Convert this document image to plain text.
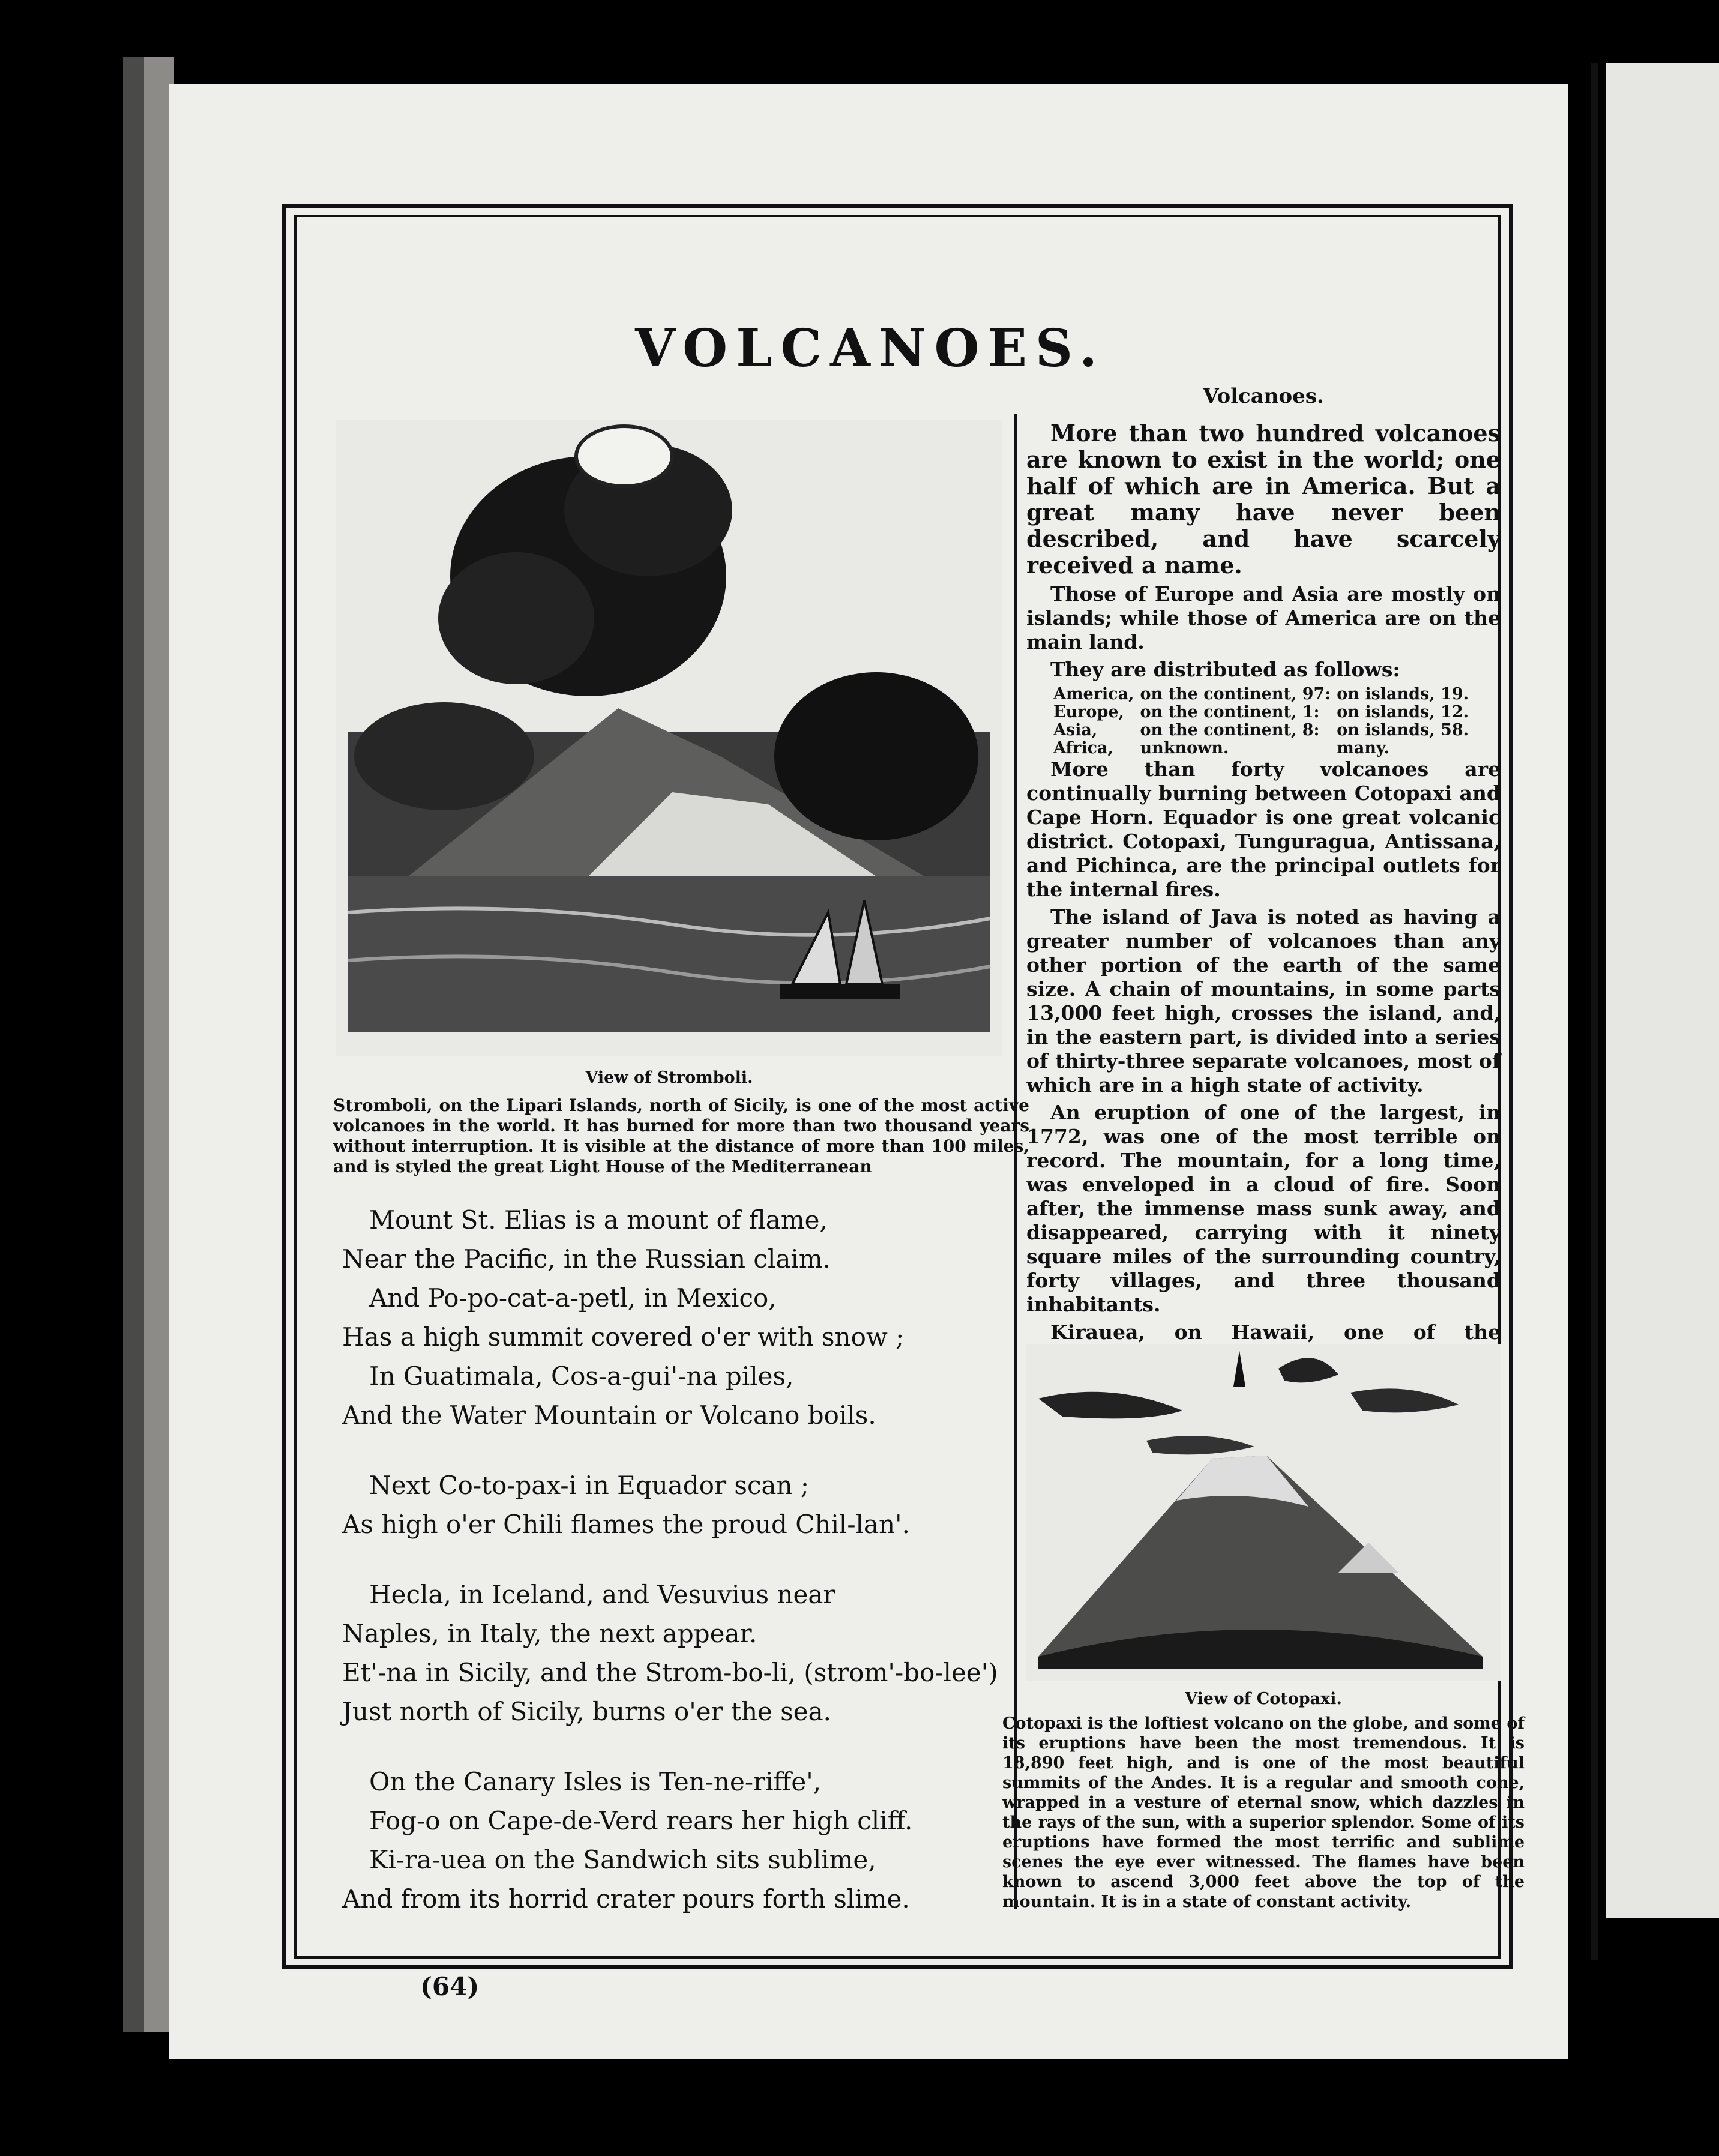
VOLCANOES.
View of Stromboli.
Stromboli, on the Lipari Islands, north of Sicily, is one of the most active volcanoes in the world. It has burned for more than two thousand years without interruption. It is visible at the distance of more than 100 miles, and is styled the great Light House of the Mediterranean
Mount St. Elias is a mount of flame,
Near the Pacific, in the Russian claim.
And Po-po-cat-a-petl, in Mexico,
Has a high summit covered o'er with snow ;
In Guatimala, Cos-a-gui'-na piles,
And the Water Mountain or Volcano boils.
Next Co-to-pax-i in Equador scan ;
As high o'er Chili flames the proud Chil-lan'.
Hecla, in Iceland, and Vesuvius near
Naples, in Italy, the next appear.
Et'-na in Sicily, and the Strom-bo-li, (strom'-bo-lee')
Just north of Sicily, burns o'er the sea.
On the Canary Isles is Ten-ne-riffe',
Fog-o on Cape-de-Verd rears her high cliff.
Ki-ra-uea on the Sandwich sits sublime,
And from its horrid crater pours forth slime.
Volcanoes.

More than two hundred volcanoes are known to exist in the world; one half of which are in America. But a great many have never been described, and have scarcely received a name.

Those of Europe and Asia are mostly on islands; while those of America are on the main land.

They are distributed as follows:

America,	on the continent, 97:	on islands, 19.
Europe,	on the continent, 1:	on islands, 12.
Asia,	on the continent, 8:	on islands, 58.
Africa,	unknown.	many.

More than forty volcanoes are continually burning between Cotopaxi and Cape Horn. Equador is one great volcanic district. Cotopaxi, Tunguragua, Antissana, and Pichinca, are the principal outlets for the internal fires.

The island of Java is noted as having a greater number of volcanoes than any other portion of the earth of the same size. A chain of mountains, in some parts 13,000 feet high, crosses the island, and, in the eastern part, is divided into a series of thirty-three separate volcanoes, most of which are in a high state of activity.

An eruption of one of the largest, in 1772, was one of the most terrible on record. The mountain, for a long time, was enveloped in a cloud of fire. Soon after, the immense mass sunk away, and disappeared, carrying with it ninety square miles of the surrounding country, forty villages, and three thousand inhabitants.

Kirauea, on Hawaii, one of the

View of Cotopaxi.
Cotopaxi is the loftiest volcano on the globe, and some of its eruptions have been the most tremendous. It is 18,890 feet high, and is one of the most beautiful summits of the Andes. It is a regular and smooth cone, wrapped in a vesture of eternal snow, which dazzles in the rays of the sun, with a superior splendor. Some of its eruptions have formed the most terrific and sublime scenes the eye ever witnessed. The flames have been known to ascend 3,000 feet above the top of the mountain. It is in a state of constant activity.
(64)
